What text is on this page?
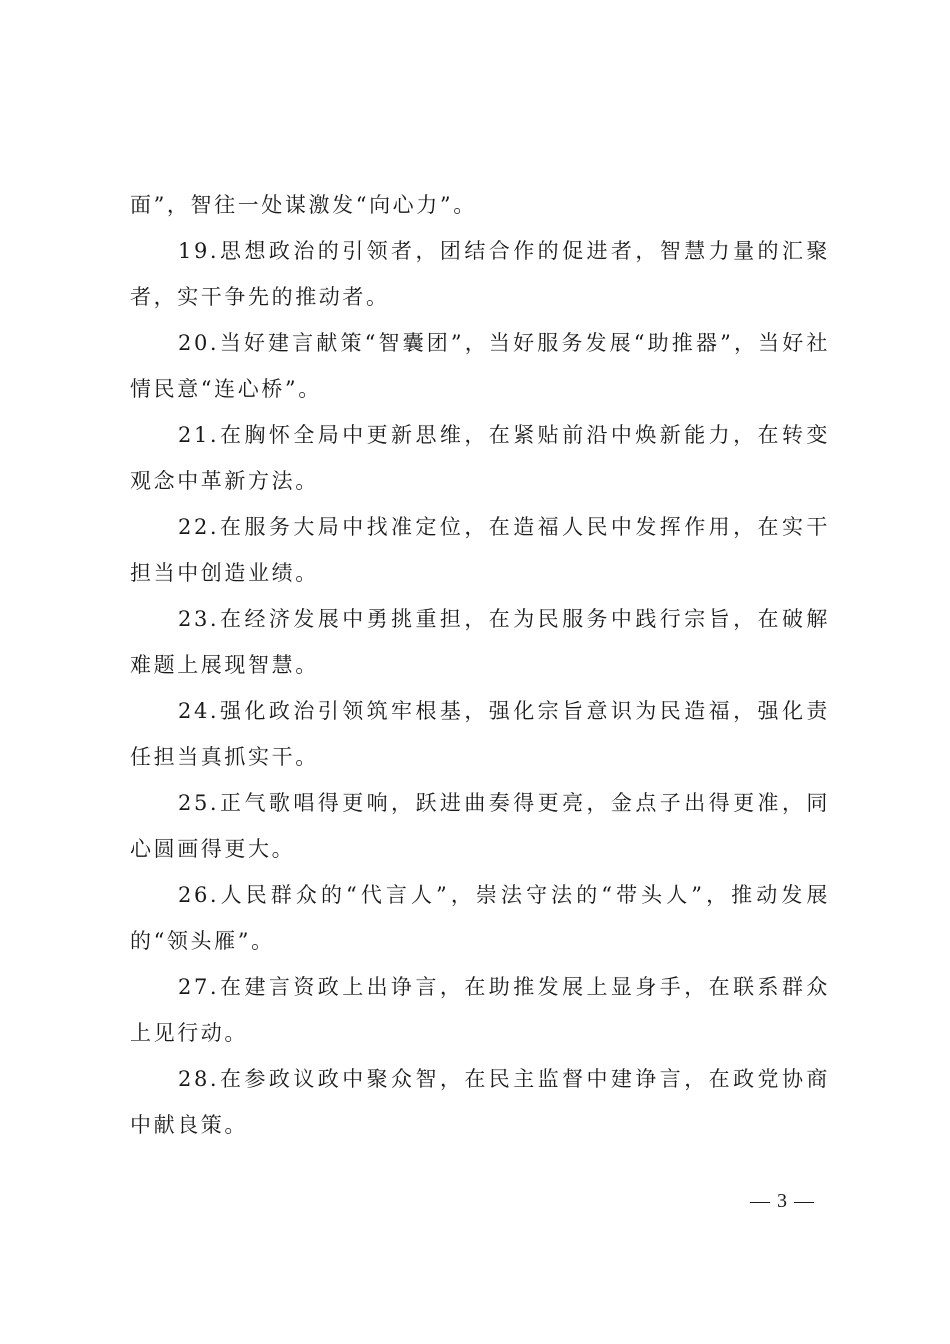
面”，智往一处谋激发“向心力”。

19.思想政治的引领者，团结合作的促进者，智慧力量的汇聚者，实干争先的推动者。

20.当好建言献策“智囊团”，当好服务发展“助推器”，当好社情民意“连心桥”。

21.在胸怀全局中更新思维，在紧贴前沿中焕新能力，在转变观念中革新方法。

22.在服务大局中找准定位，在造福人民中发挥作用，在实干担当中创造业绩。

23.在经济发展中勇挑重担，在为民服务中践行宗旨，在破解难题上展现智慧。

24.强化政治引领筑牢根基，强化宗旨意识为民造福，强化责任担当真抓实干。

25.正气歌唱得更响，跃进曲奏得更亮，金点子出得更准，同心圆画得更大。

26.人民群众的“代言人”，崇法守法的“带头人”，推动发展的“领头雁”。

27.在建言资政上出诤言，在助推发展上显身手，在联系群众上见行动。

28.在参政议政中聚众智，在民主监督中建诤言，在政党协商中献良策。

— 3 —
